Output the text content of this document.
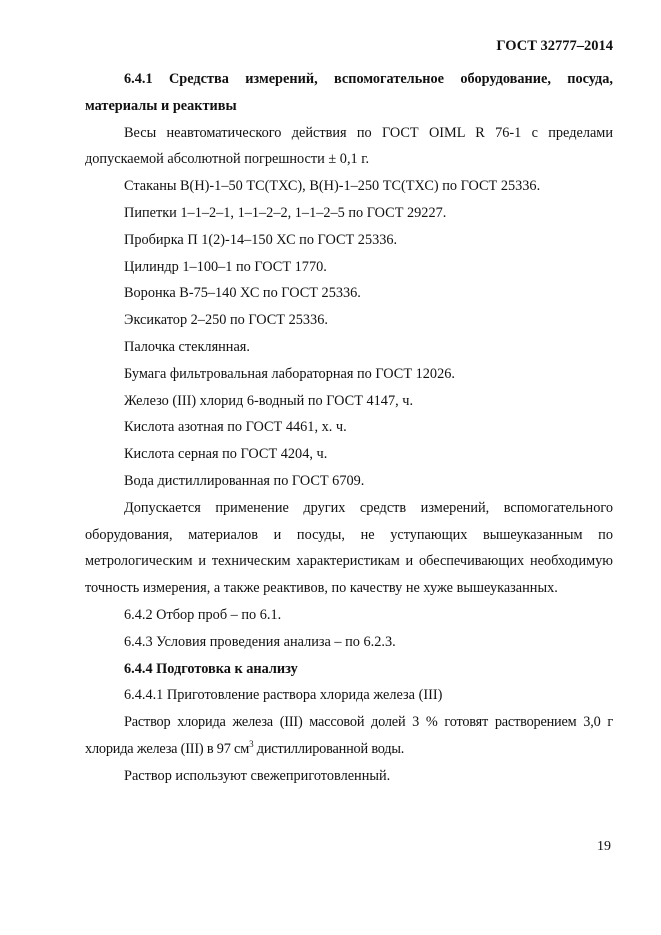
ГОСТ 32777–2014

6.4.1 Средства измерений, вспомогательное оборудование, посуда, материалы и реактивы

Весы неавтоматического действия по ГОСТ OIML R 76-1 с пределами допускаемой абсолютной погрешности ± 0,1 г.

Стаканы В(Н)-1–50 ТС(ТХС), В(Н)-1–250 ТС(ТХС) по ГОСТ 25336.

Пипетки 1–1–2–1, 1–1–2–2, 1–1–2–5 по ГОСТ 29227.

Пробирка П 1(2)-14–150 ХС по ГОСТ 25336.

Цилиндр 1–100–1 по ГОСТ 1770.

Воронка В-75–140 ХС по ГОСТ 25336.

Эксикатор 2–250 по ГОСТ 25336.

Палочка стеклянная.

Бумага фильтровальная лабораторная по ГОСТ 12026.

Железо (III) хлорид 6-водный по ГОСТ 4147, ч.

Кислота азотная по ГОСТ 4461, х. ч.

Кислота серная по ГОСТ 4204, ч.

Вода дистиллированная по ГОСТ 6709.

Допускается применение других средств измерений, вспомогательного оборудования, материалов и посуды, не уступающих вышеуказанным по метрологическим и техническим характеристикам и обеспечивающих необходимую точность измерения, а также реактивов, по качеству не хуже вышеуказанных.

6.4.2 Отбор проб – по 6.1.

6.4.3 Условия проведения анализа – по 6.2.3.

6.4.4 Подготовка к анализу

6.4.4.1 Приготовление раствора хлорида железа (III)

Раствор хлорида железа (III) массовой долей 3 % готовят растворением 3,0 г хлорида железа (III) в 97 $см^3$ дистиллированной воды.

Раствор используют свежеприготовленный.

19
